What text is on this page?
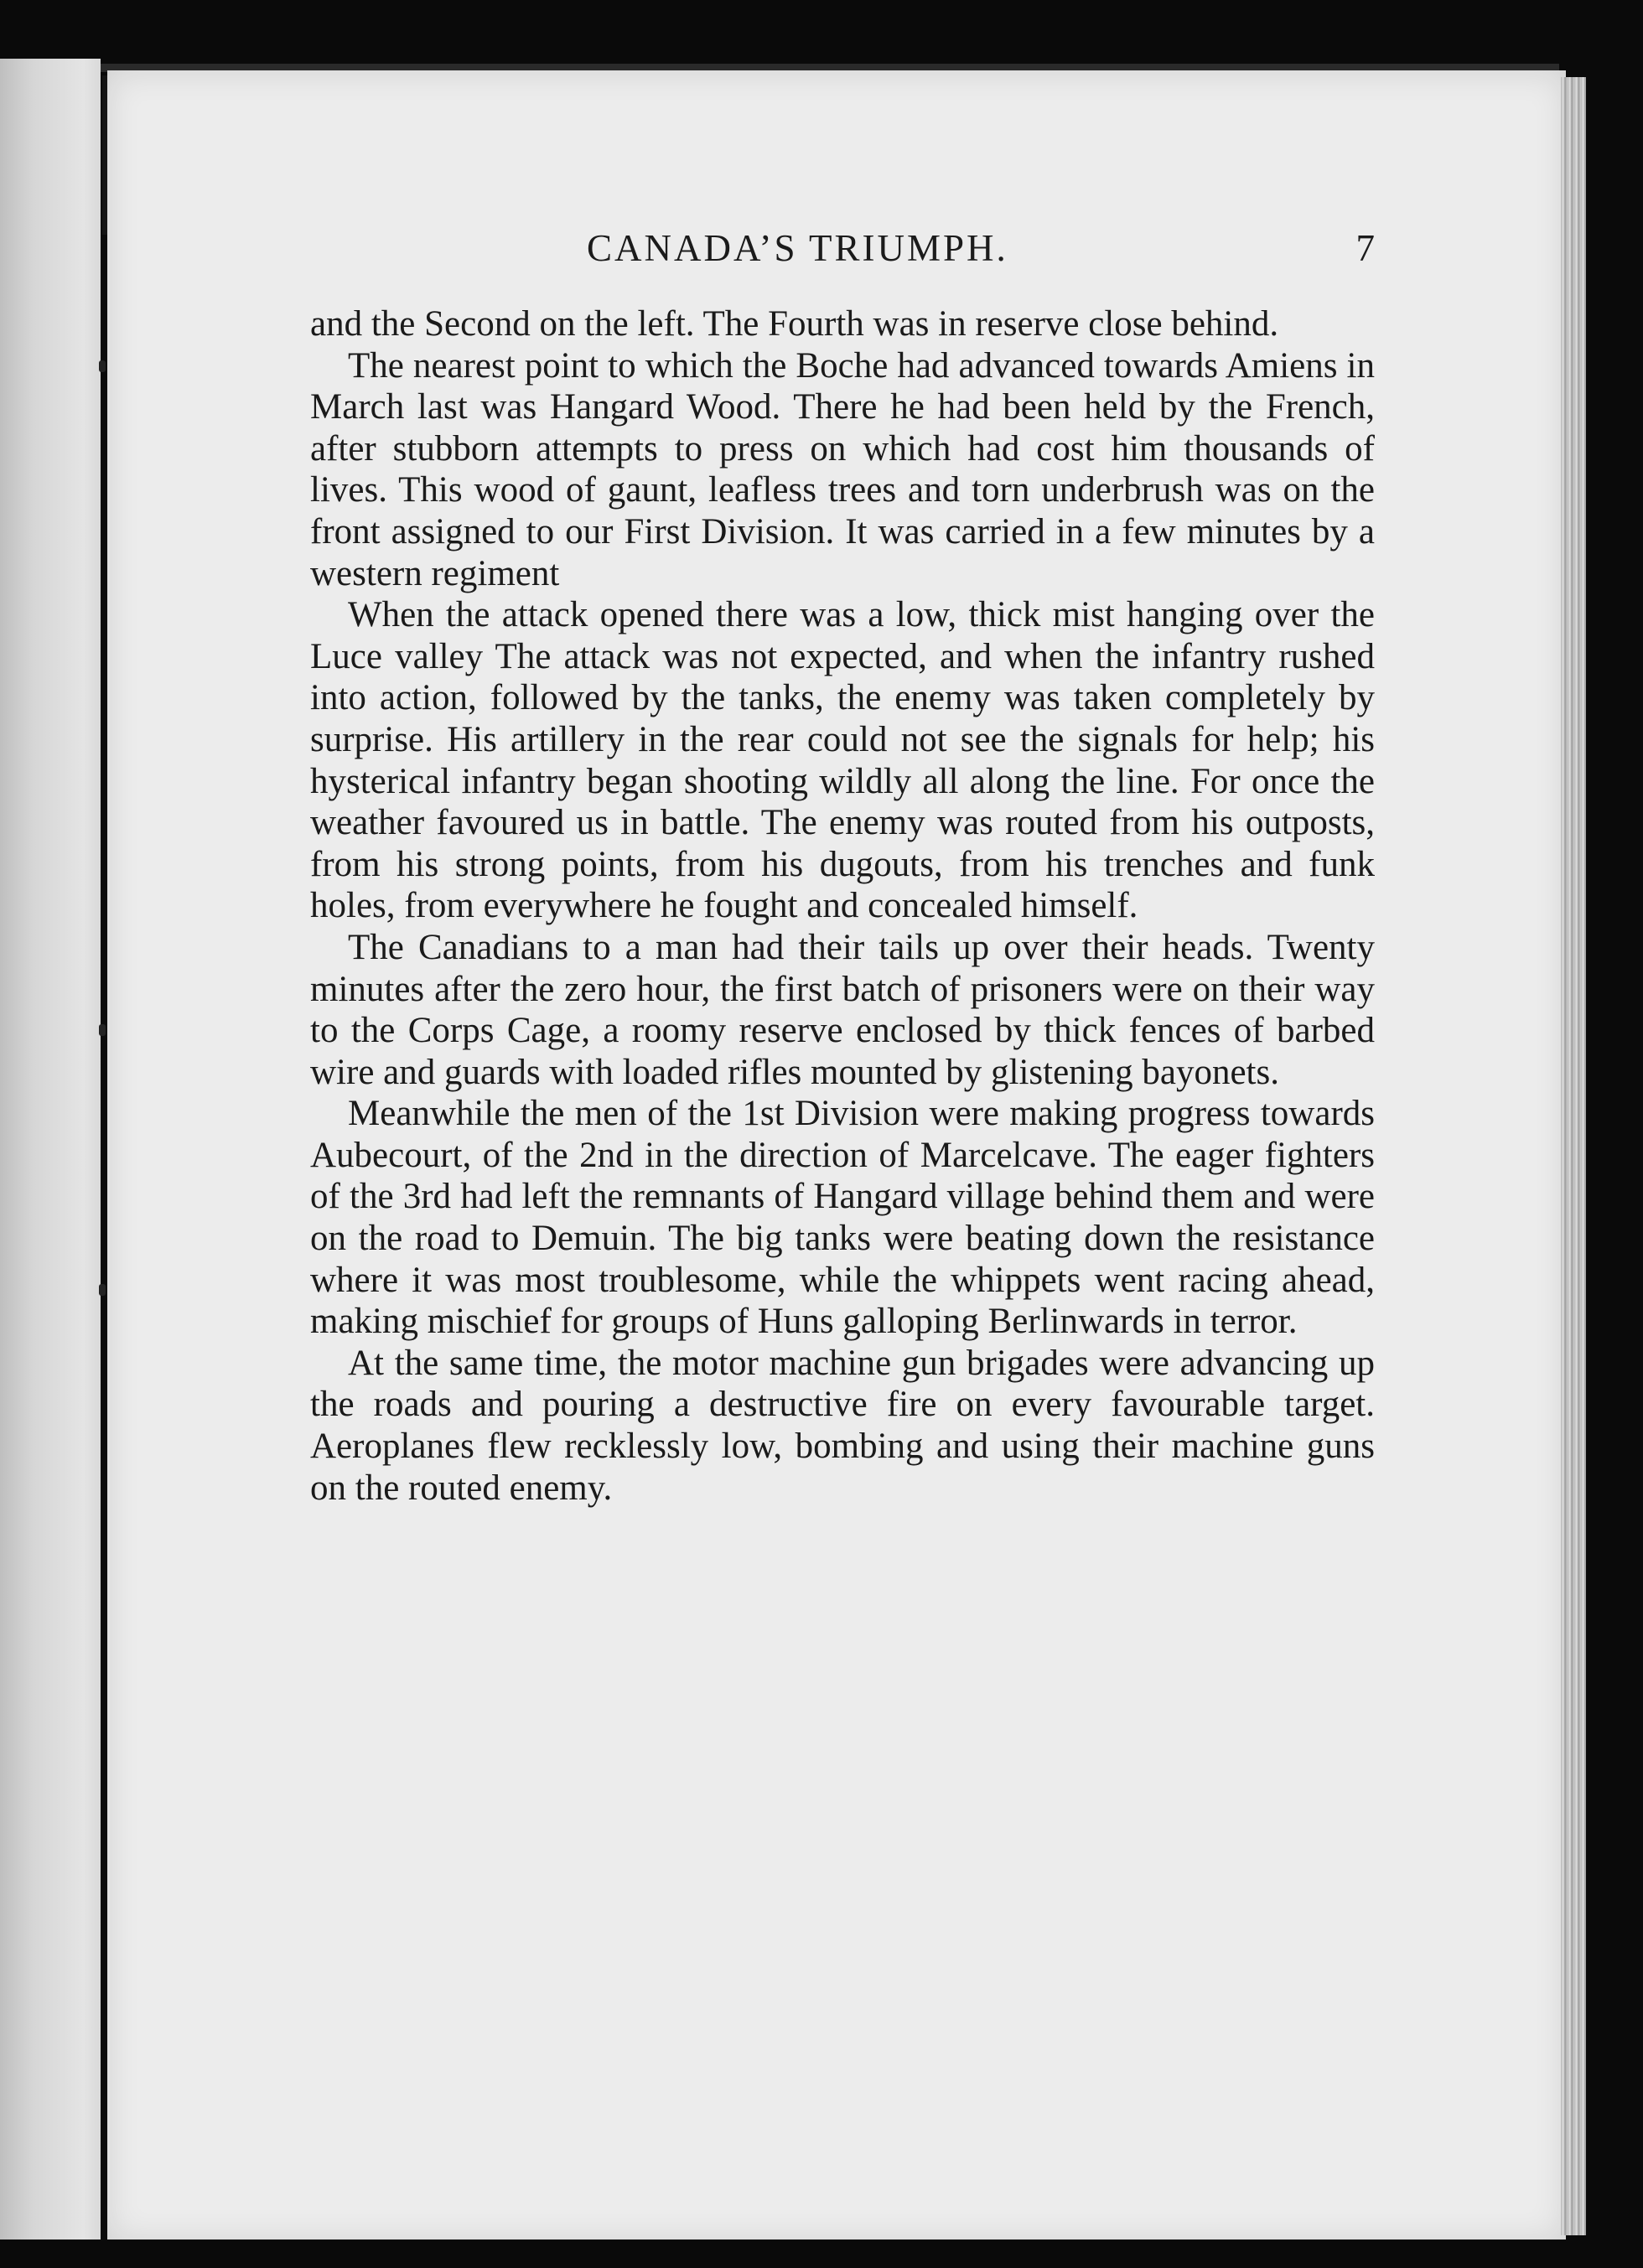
CANADA’S TRIUMPH.	7

and the Second on the left. The Fourth was in reserve close behind.

The nearest point to which the Boche had advanced towards Amiens in March last was Hangard Wood. There he had been held by the French, after stubborn attempts to press on which had cost him thousands of lives. This wood of gaunt, leafless trees and torn underbrush was on the front assigned to our First Division. It was carried in a few minutes by a western regiment

When the attack opened there was a low, thick mist hanging over the Luce valley The attack was not expected, and when the infantry rushed into action, followed by the tanks, the enemy was taken completely by surprise. His artillery in the rear could not see the signals for help; his hysterical infantry began shooting wildly all along the line. For once the weather favoured us in battle. The enemy was routed from his outposts, from his strong points, from his dugouts, from his trenches and funk holes, from everywhere he fought and concealed himself.

The Canadians to a man had their tails up over their heads. Twenty minutes after the zero hour, the first batch of prisoners were on their way to the Corps Cage, a roomy reserve enclosed by thick fences of barbed wire and guards with loaded rifles mounted by glistening bayonets.

Meanwhile the men of the 1st Division were making progress towards Aubecourt, of the 2nd in the direction of Marcelcave. The eager fighters of the 3rd had left the remnants of Hangard village behind them and were on the road to Demuin. The big tanks were beating down the resistance where it was most troublesome, while the whippets went racing ahead, making mischief for groups of Huns galloping Berlinwards in terror.

At the same time, the motor machine gun brigades were advancing up the roads and pouring a destructive fire on every favourable target. Aeroplanes flew recklessly low, bombing and using their machine guns on the routed enemy.
